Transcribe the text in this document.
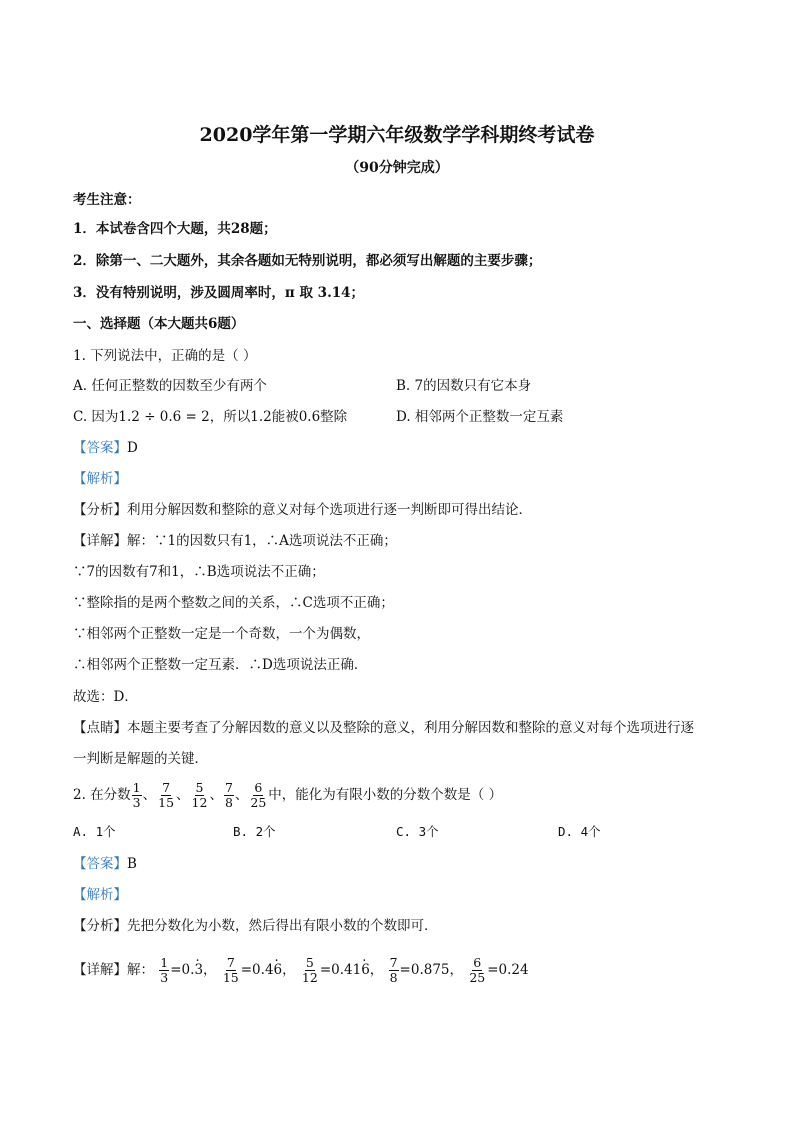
2020学年第一学期六年级数学学科期终考试卷
（90分钟完成）
考生注意：
1．本试卷含四个大题，共28题；
2．除第一、二大题外，其余各题如无特别说明，都必须写出解题的主要步骤；
3．没有特别说明，涉及圆周率时，π 取 3.14；
一、选择题（本大题共6题）
1. 下列说法中，正确的是（ ）
A. 任何正整数的因数至少有两个	B. 7的因数只有它本身
C. 因为1.2 ÷ 0.6 = 2，所以1.2能被0.6整除	D. 相邻两个正整数一定互素
【答案】D
【解析】
【分析】利用分解因数和整除的意义对每个选项进行逐一判断即可得出结论．
【详解】解：∵1的因数只有1，∴A选项说法不正确；
∵7的因数有7和1，∴B选项说法不正确；
∵整除指的是两个整数之间的关系，∴C选项不正确；
∵相邻两个正整数一定是一个奇数，一个为偶数，
∴相邻两个正整数一定互素．∴D选项说法正确．
故选：D．
【点睛】本题主要考查了分解因数的意义以及整除的意义，利用分解因数和整除的意义对每个选项进行逐
一判断是解题的关键．
2. 在分数 $\frac{1}{3}$ 、 $\frac{7}{15}$ 、 $\frac{5}{12}$ 、 $\frac{7}{8}$ 、 $\frac{6}{25}$ 中，能化为有限小数的分数个数是（ ）
A. 1个	B. 2个	C. 3个	D. 4个
【答案】B
【解析】
【分析】先把分数化为小数，然后得出有限小数的个数即可．
【详解】解： $\frac{1}{3} =0$.. 3， $\frac{7}{15} =0.4$. 6， $\frac{5}{12} =0.41$. 6， $\frac{7}{8} =0.875$， $\frac{6}{25} =0.24$
